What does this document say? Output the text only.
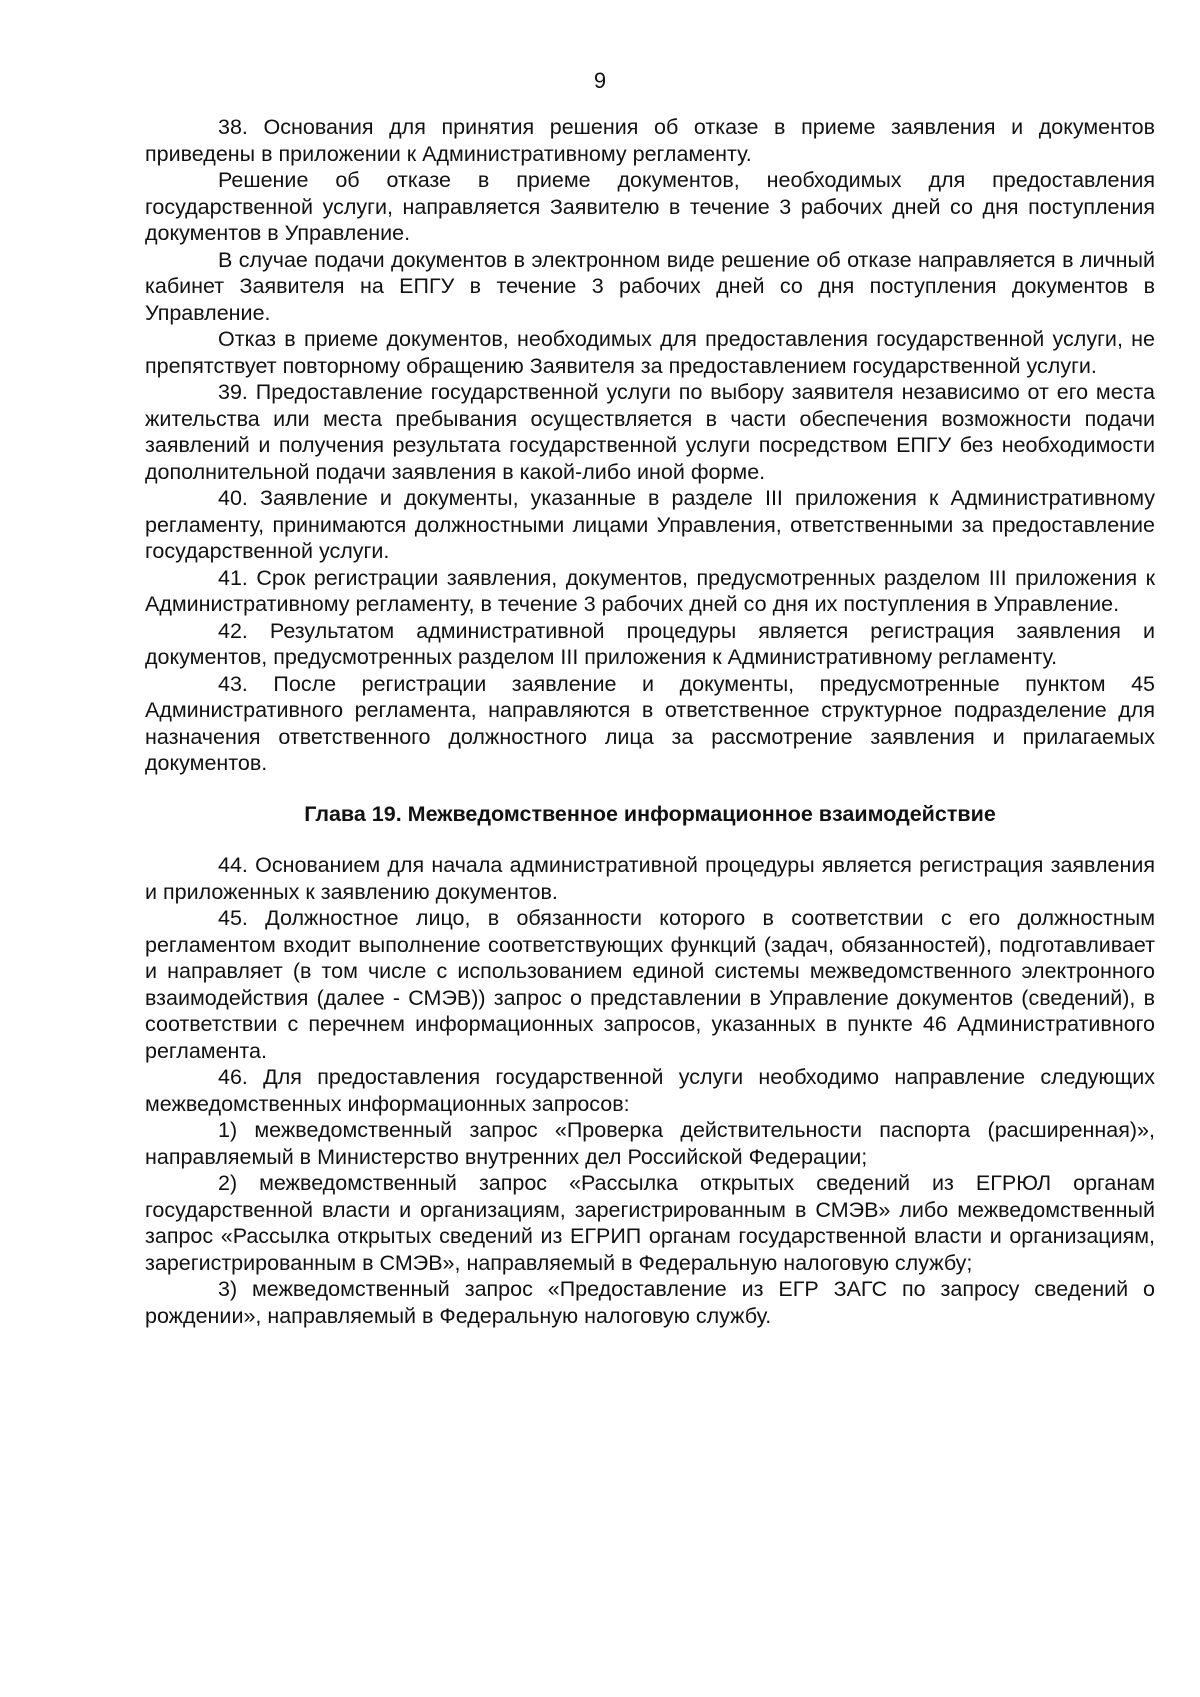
9

38. Основания для принятия решения об отказе в приеме заявления и документов приведены в приложении к Административному регламенту.

Решение об отказе в приеме документов, необходимых для предоставления государственной услуги, направляется Заявителю в течение 3 рабочих дней со дня поступления документов в Управление.

В случае подачи документов в электронном виде решение об отказе направляется в личный кабинет Заявителя на ЕПГУ в течение 3 рабочих дней со дня поступления документов в Управление.

Отказ в приеме документов, необходимых для предоставления государственной услуги, не препятствует повторному обращению Заявителя за предоставлением государственной услуги.

39. Предоставление государственной услуги по выбору заявителя независимо от его места жительства или места пребывания осуществляется в части обеспечения возможности подачи заявлений и получения результата государственной услуги посредством ЕПГУ без необходимости дополнительной подачи заявления в какой-либо иной форме.

40. Заявление и документы, указанные в разделе III приложения к Административному регламенту, принимаются должностными лицами Управления, ответственными за предоставление государственной услуги.

41. Срок регистрации заявления, документов, предусмотренных разделом III приложения к Административному регламенту, в течение 3 рабочих дней со дня их поступления в Управление.

42. Результатом административной процедуры является регистрация заявления и документов, предусмотренных разделом III приложения к Административному регламенту.

43. После регистрации заявление и документы, предусмотренные пунктом 45 Административного регламента, направляются в ответственное структурное подразделение для назначения ответственного должностного лица за рассмотрение заявления и прилагаемых документов.

Глава 19. Межведомственное информационное взаимодействие

44. Основанием для начала административной процедуры является регистрация заявления и приложенных к заявлению документов.

45. Должностное лицо, в обязанности которого в соответствии с его должностным регламентом входит выполнение соответствующих функций (задач, обязанностей), подготавливает и направляет (в том числе с использованием единой системы межведомственного электронного взаимодействия (далее - СМЭВ)) запрос о представлении в Управление документов (сведений), в соответствии с перечнем информационных запросов, указанных в пункте 46 Административного регламента.

46. Для предоставления государственной услуги необходимо направление следующих межведомственных информационных запросов:

1) межведомственный запрос «Проверка действительности паспорта (расширенная)», направляемый в Министерство внутренних дел Российской Федерации;

2) межведомственный запрос «Рассылка открытых сведений из ЕГРЮЛ органам государственной власти и организациям, зарегистрированным в СМЭВ» либо межведомственный запрос «Рассылка открытых сведений из ЕГРИП органам государственной власти и организациям, зарегистрированным в СМЭВ», направляемый в Федеральную налоговую службу;

3) межведомственный запрос «Предоставление из ЕГР ЗАГС по запросу сведений о рождении», направляемый в Федеральную налоговую службу.
